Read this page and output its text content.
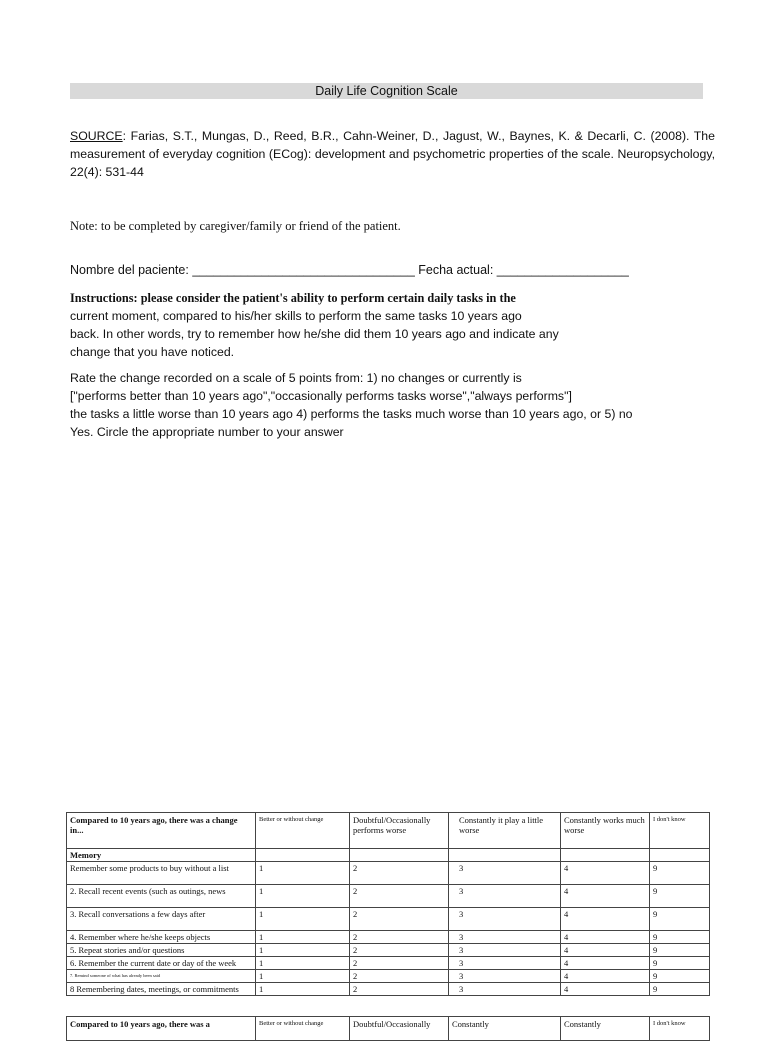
Daily Life Cognition Scale
SOURCE: Farias, S.T., Mungas, D., Reed, B.R., Cahn-Weiner, D., Jagust, W., Baynes, K. & Decarli, C. (2008). The measurement of everyday cognition (ECog): development and psychometric properties of the scale. Neuropsychology, 22(4): 531-44
Note: to be completed by caregiver/family or friend of the patient.
Nombre del paciente: ________________________________ Fecha actual: ___________________
Instructions: please consider the patient's ability to perform certain daily tasks in the
current moment, compared to his/her skills to perform the same tasks 10 years ago
back. In other words, try to remember how he/she did them 10 years ago and indicate any
change that you have noticed.
Rate the change recorded on a scale of 5 points from: 1) no changes or currently is
["performs better than 10 years ago","occasionally performs tasks worse","always performs"]
the tasks a little worse than 10 years ago 4) performs the tasks much worse than 10 years ago, or 5) no
Yes. Circle the appropriate number to your answer
Compared to 10 years ago, there was a change in...	Better or without change	Doubtful/Occasionally performs worse	Constantly it play a little worse	Constantly works much worse	I don't know
Memory					
Remember some products to buy without a list	1	2	3	4	9
2. Recall recent events (such as outings, news	1	2	3	4	9
3. Recall conversations a few days after	1	2	3	4	9
4. Remember where he/she keeps objects	1	2	3	4	9
5. Repeat stories and/or questions	1	2	3	4	9
6. Remember the current date or day of the week	1	2	3	4	9
7. Remind someone of what has already been said	1	2	3	4	9
8 Remembering dates, meetings, or commitments	1	2	3	4	9
Compared to 10 years ago, there was a	Better or without change	Doubtful/Occasionally	Constantly	Constantly	I don't know
